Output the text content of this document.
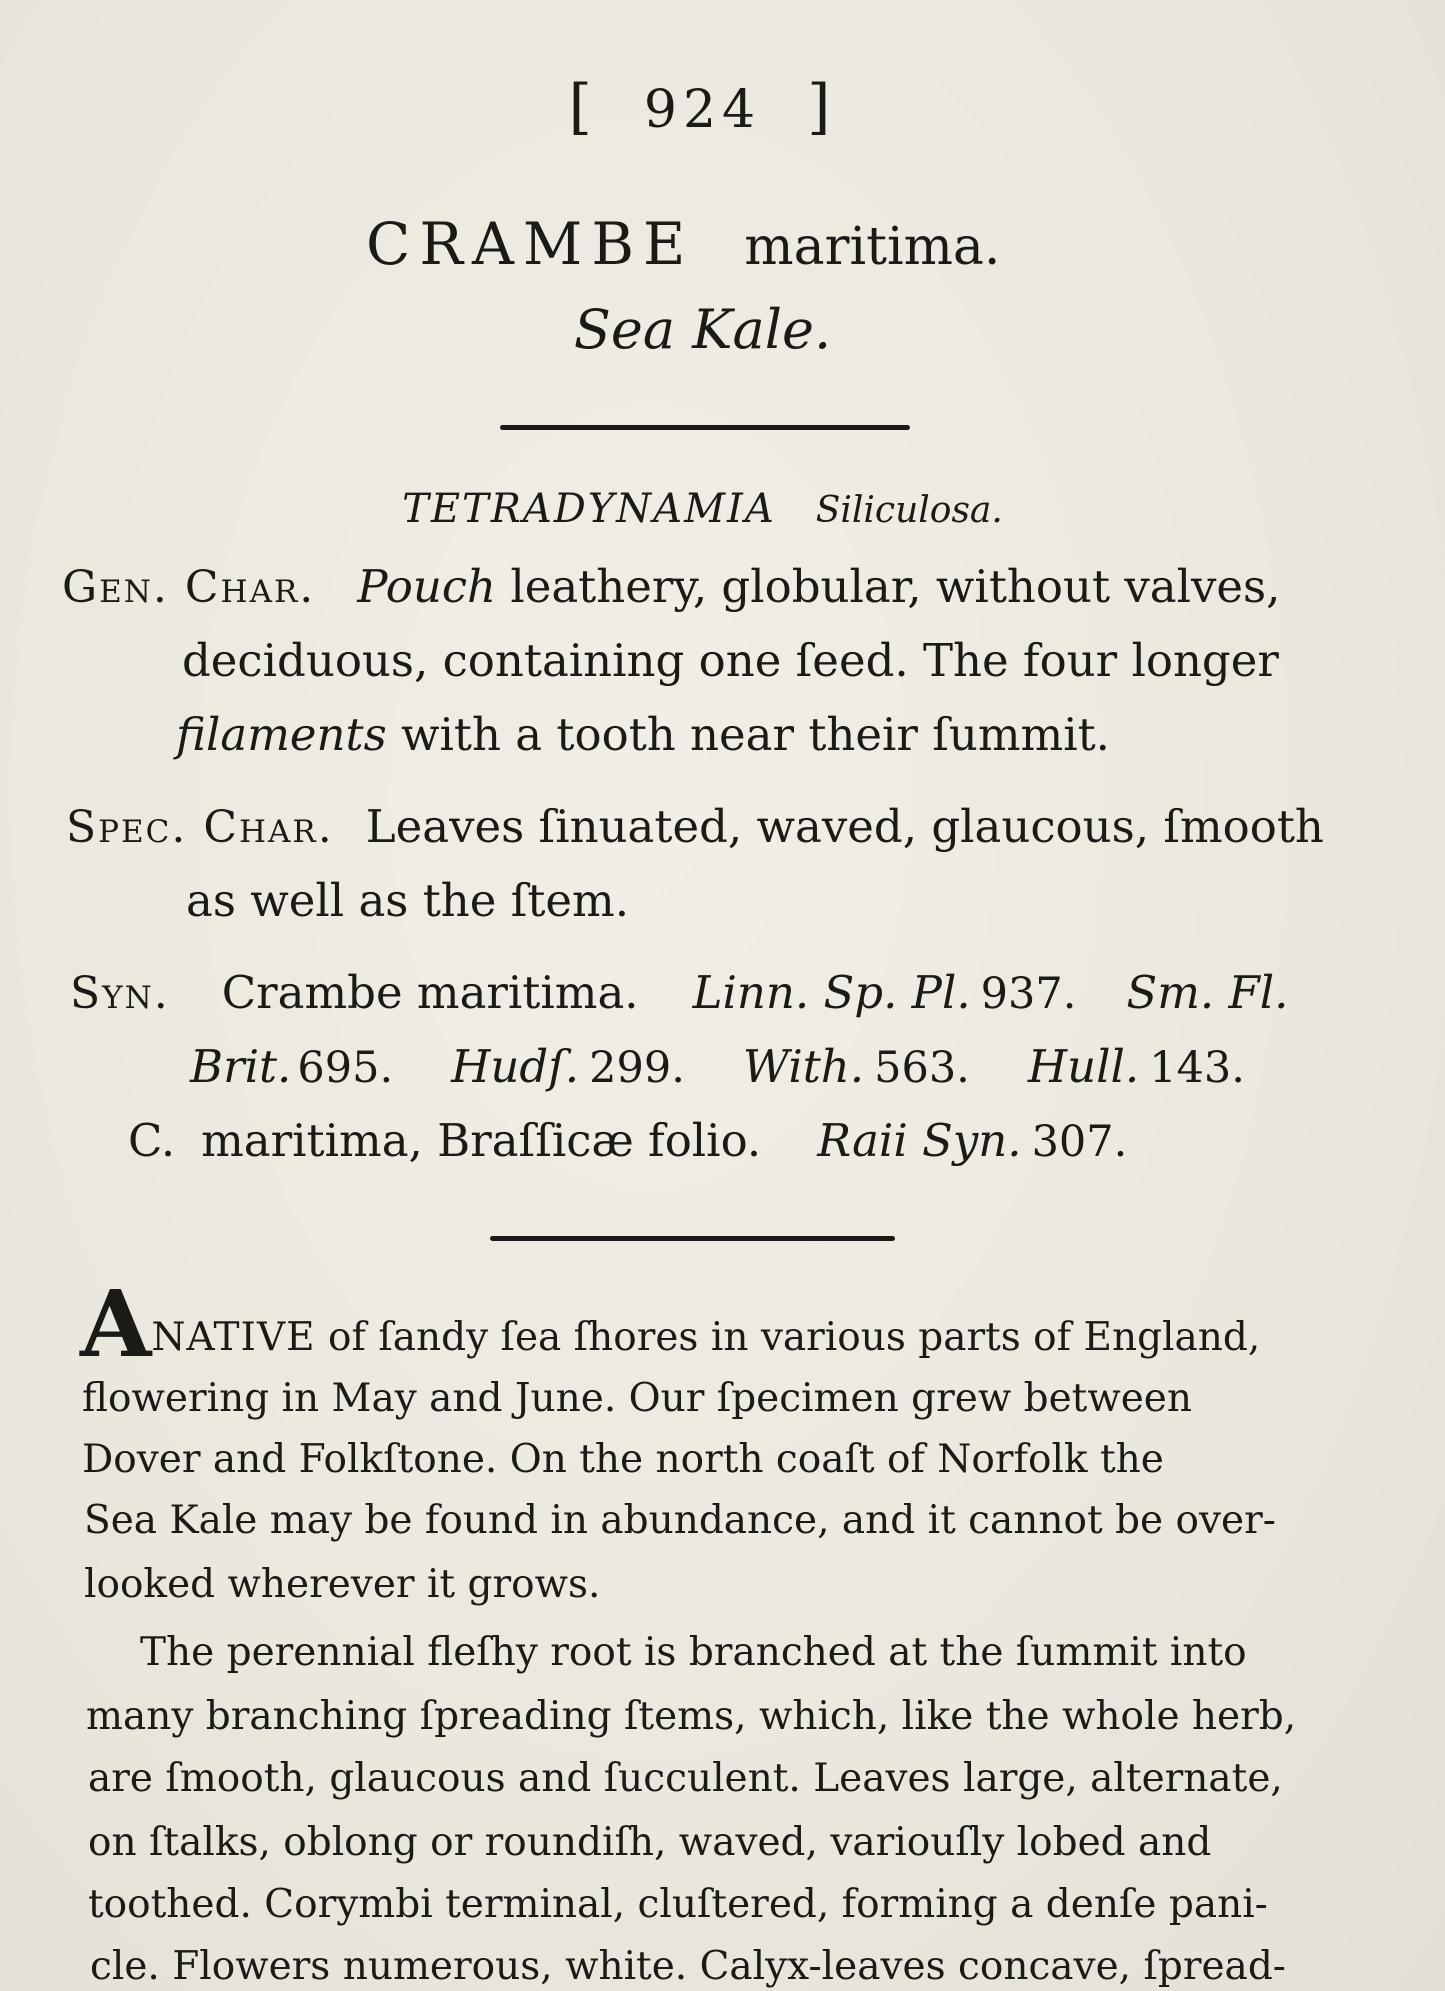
[ 924 ]
CRAMBE maritima.
Sea Kale.
TETRADYNAMIA Siliculosa.
Gen. Char. Pouch leathery, globular, without valves,
deciduous, containing one ſeed. The four longer
filaments with a tooth near their ſummit.
Spec. Char. Leaves ſinuated, waved, glaucous, ſmooth
as well as the ſtem.
Syn. Crambe maritima. Linn. Sp. Pl. 937. Sm. Fl.
Brit. 695. Hudſ. 299. With. 563. Hull. 143.
C. maritima, Braſſicæ folio. Raii Syn. 307.
ANATIVE of ſandy ſea ſhores in various parts of England,
flowering in May and June. Our ſpecimen grew between
Dover and Folkſtone. On the north coaſt of Norfolk the
Sea Kale may be found in abundance, and it cannot be over-
looked wherever it grows.
The perennial fleſhy root is branched at the ſummit into
many branching ſpreading ſtems, which, like the whole herb,
are ſmooth, glaucous and ſucculent. Leaves large, alternate,
on ſtalks, oblong or roundiſh, waved, variouſly lobed and
toothed. Corymbi terminal, cluſtered, forming a denſe pani-
cle. Flowers numerous, white. Calyx-leaves concave, ſpread-
